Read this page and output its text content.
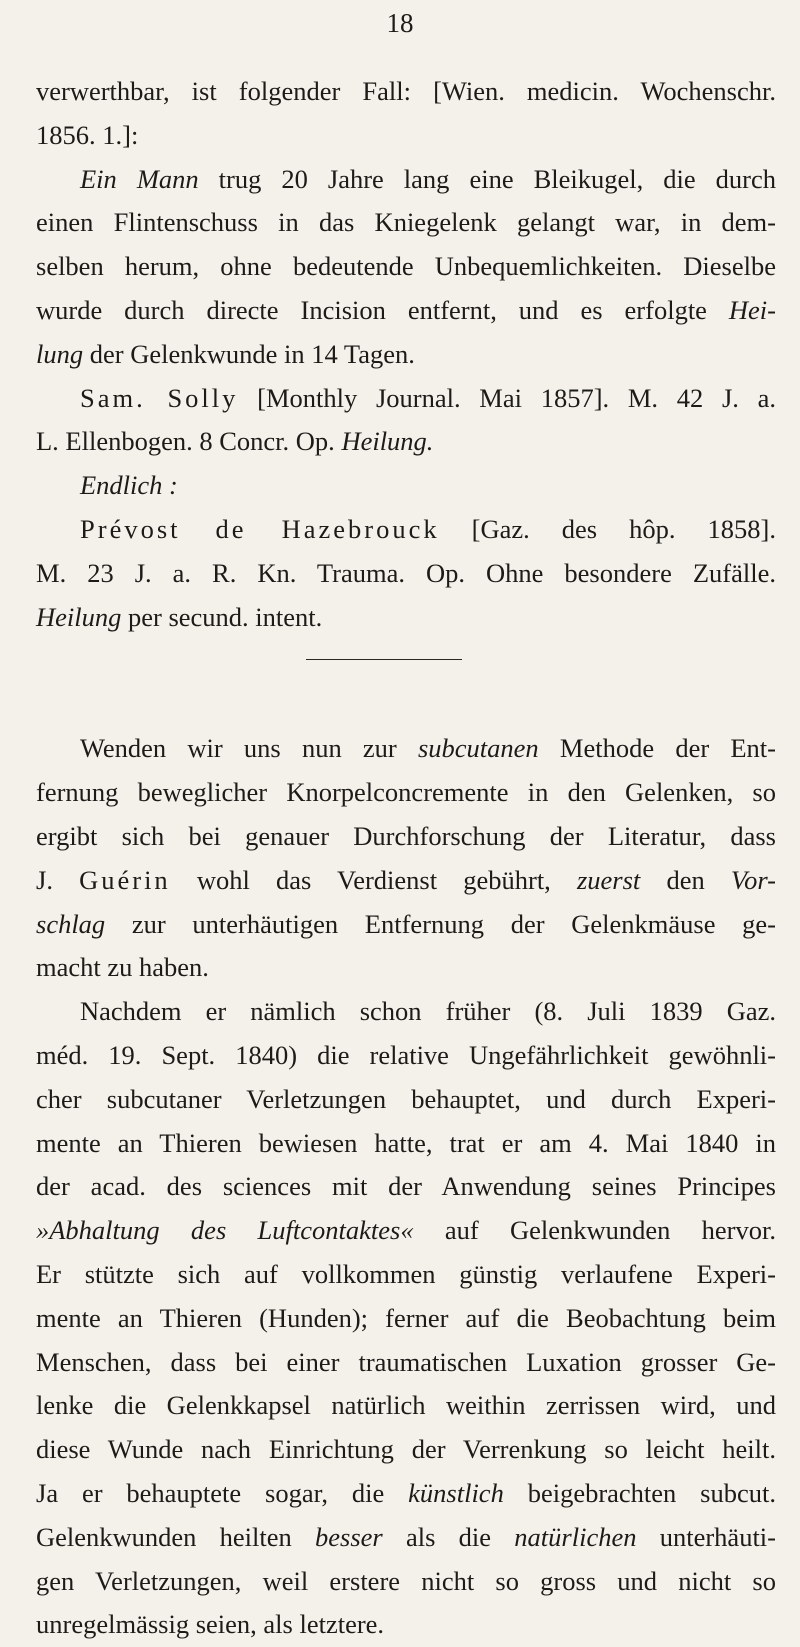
18
verwerthbar, ist folgender Fall: [Wien. medicin. Wochenschr.
1856. 1.]:
Ein Mann trug 20 Jahre lang eine Bleikugel, die durch
einen Flintenschuss in das Kniegelenk gelangt war, in dem-
selben herum, ohne bedeutende Unbequemlichkeiten. Dieselbe
wurde durch directe Incision entfernt, und es erfolgte Hei-
lung der Gelenkwunde in 14 Tagen.
Sam. Solly [Monthly Journal. Mai 1857]. M. 42 J. a.
L. Ellenbogen. 8 Concr. Op. Heilung.
Endlich :
Prévost de Hazebrouck [Gaz. des hôp. 1858].
M. 23 J. a. R. Kn. Trauma. Op. Ohne besondere Zufälle.
Heilung per secund. intent.
Wenden wir uns nun zur subcutanen Methode der Ent-
fernung beweglicher Knorpelconcremente in den Gelenken, so
ergibt sich bei genauer Durchforschung der Literatur, dass
J. Guérin wohl das Verdienst gebührt, zuerst den Vor-
schlag zur unterhäutigen Entfernung der Gelenkmäuse ge-
macht zu haben.
Nachdem er nämlich schon früher (8. Juli 1839 Gaz.
méd. 19. Sept. 1840) die relative Ungefährlichkeit gewöhnli-
cher subcutaner Verletzungen behauptet, und durch Experi-
mente an Thieren bewiesen hatte, trat er am 4. Mai 1840 in
der acad. des sciences mit der Anwendung seines Principes
»Abhaltung des Luftcontaktes« auf Gelenkwunden hervor.
Er stützte sich auf vollkommen günstig verlaufene Experi-
mente an Thieren (Hunden); ferner auf die Beobachtung beim
Menschen, dass bei einer traumatischen Luxation grosser Ge-
lenke die Gelenkkapsel natürlich weithin zerrissen wird, und
diese Wunde nach Einrichtung der Verrenkung so leicht heilt.
Ja er behauptete sogar, die künstlich beigebrachten subcut.
Gelenkwunden heilten besser als die natürlichen unterhäuti-
gen Verletzungen, weil erstere nicht so gross und nicht so
unregelmässig seien, als letztere.
